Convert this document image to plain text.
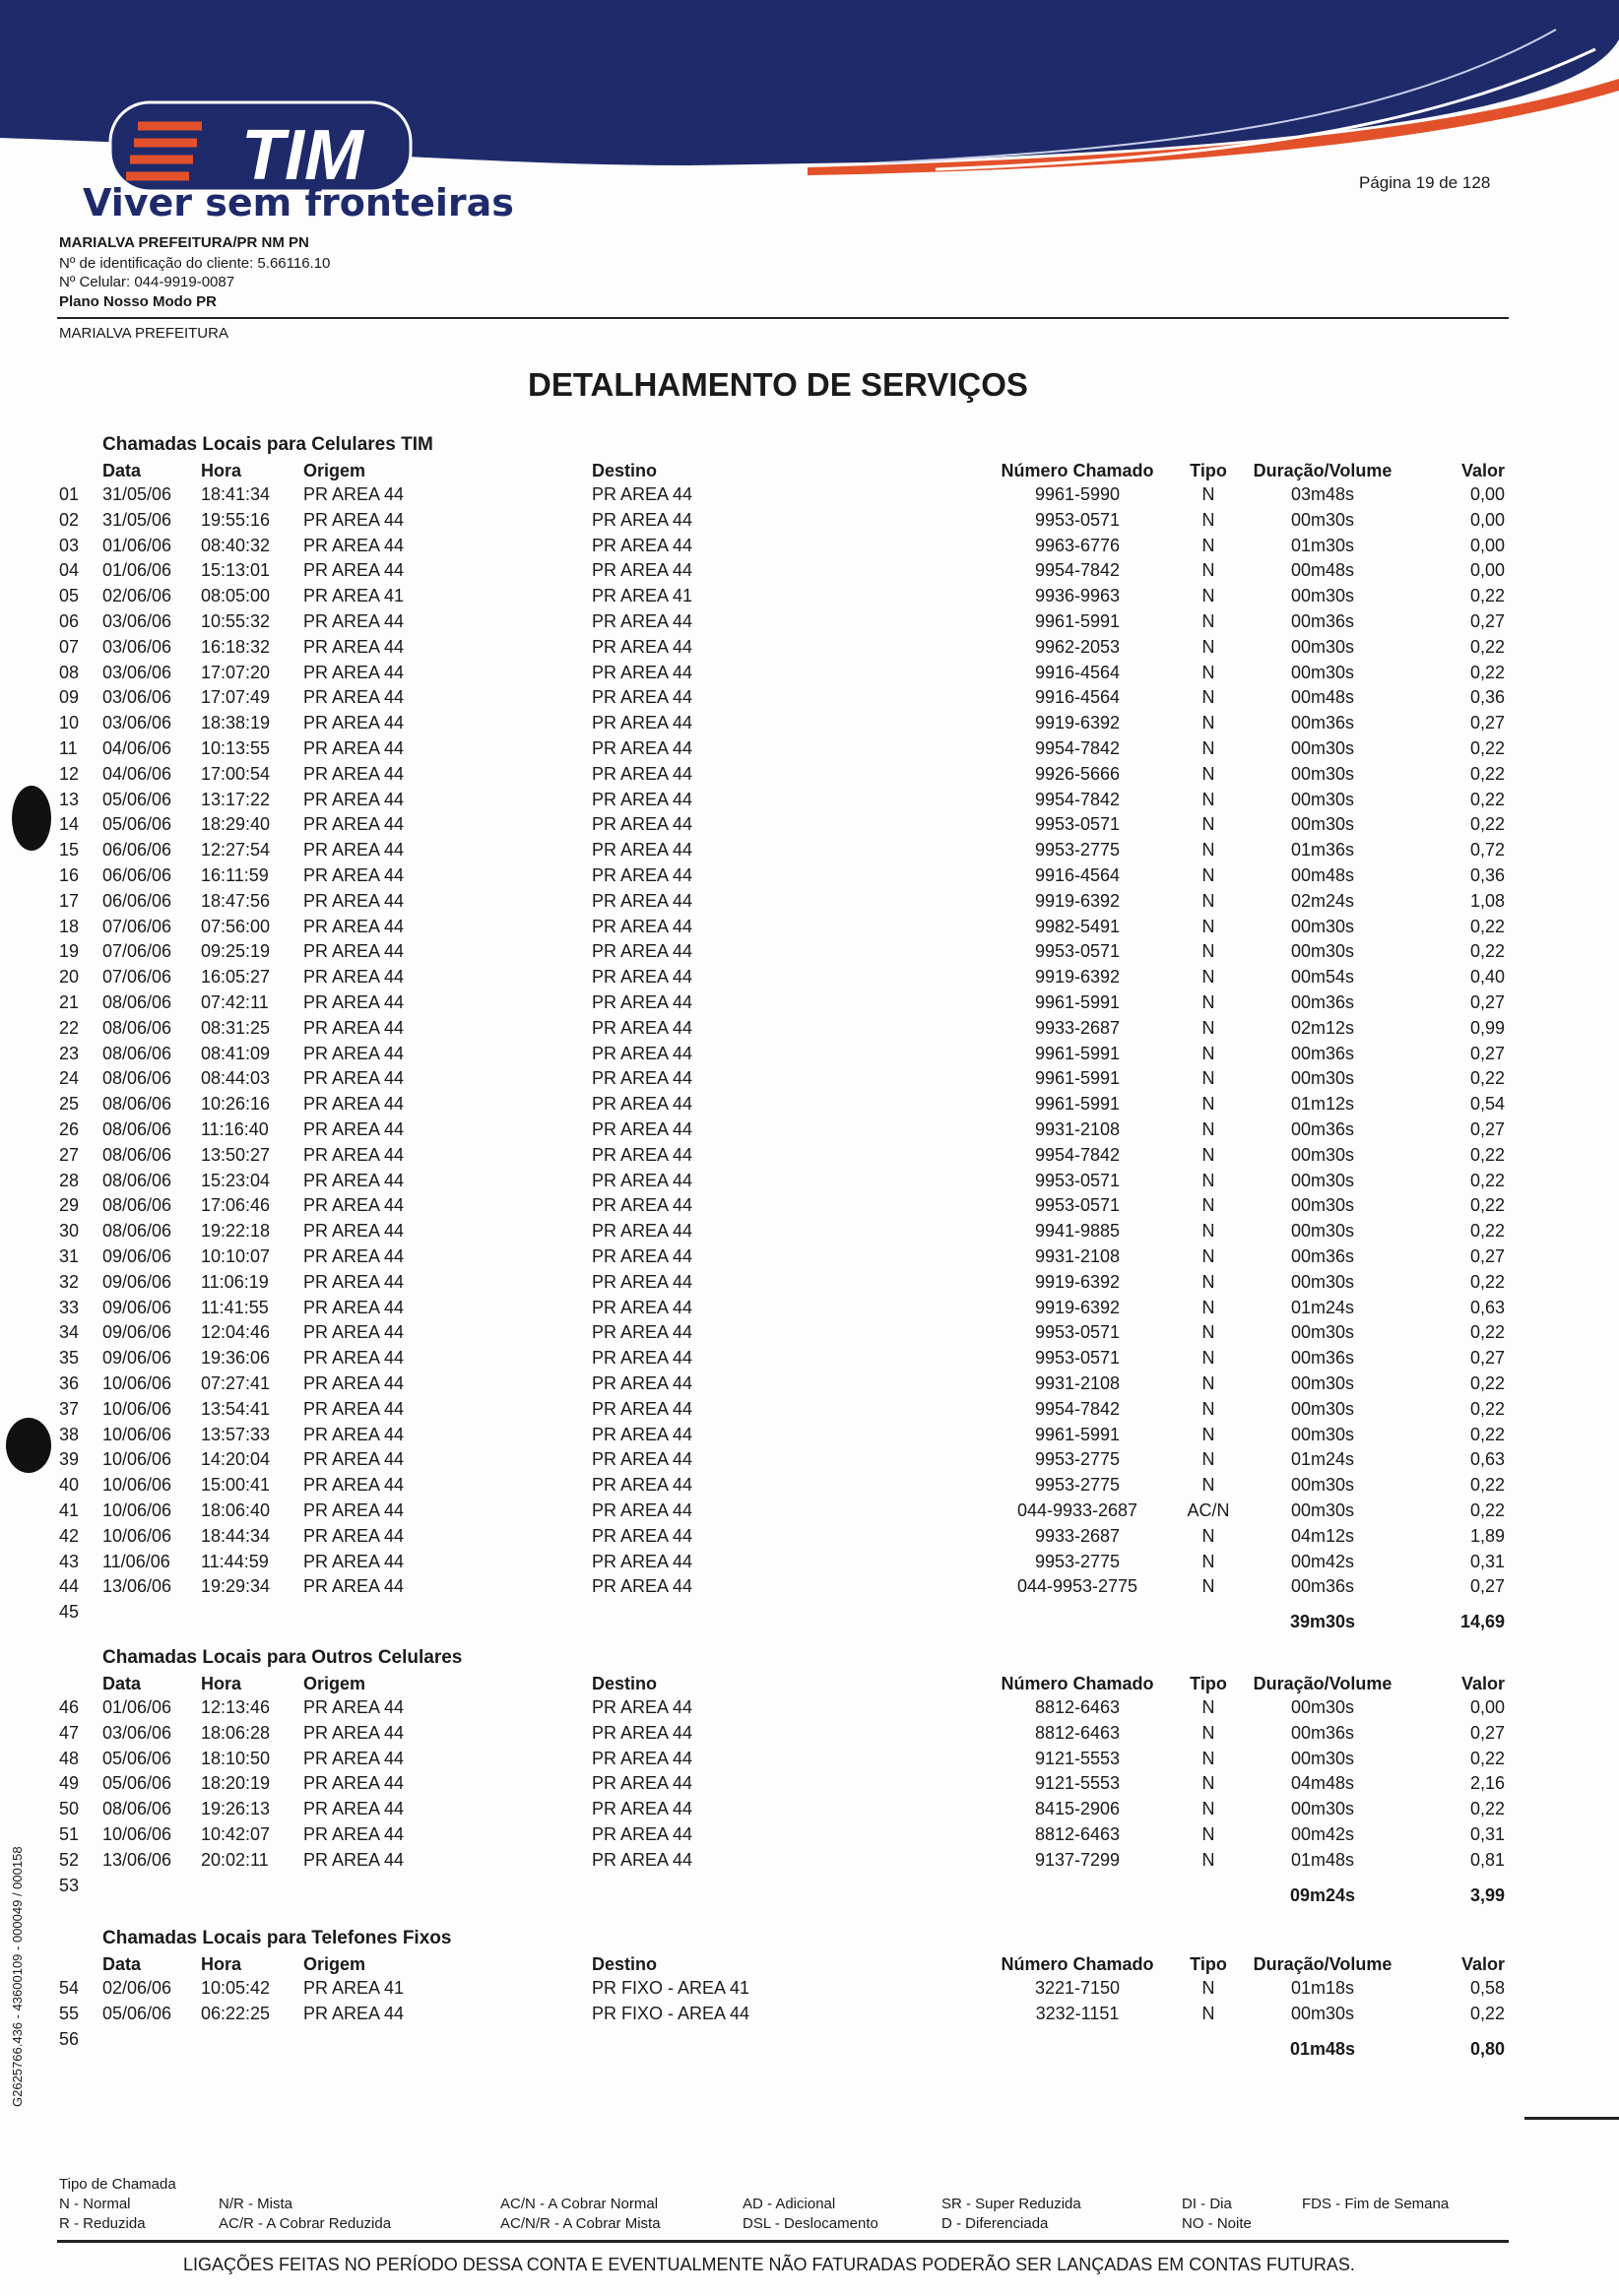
TIM	Página 19 de 128
Viver sem fronteiras
MARIALVA PREFEITURA/PR NM PN
Nº de identificação do cliente: 5.66116.10
Nº Celular: 044-9919-0087
Plano Nosso Modo PR
MARIALVA PREFEITURA
DETALHAMENTO DE SERVIÇOS
G2625766.436 - 43600109 - 000049 / 000158
Chamadas Locais para Celulares TIM
Data	Hora	Origem	Destino	Número Chamado	Tipo	Duração/Volume	Valor
01 31/05/06 18:41:34 PR AREA 44	PR AREA 44	9961-5990	N	03m48s	0,00
02 31/05/06 19:55:16 PR AREA 44	PR AREA 44	9953-0571	N	00m30s	0,00
03 01/06/06 08:40:32 PR AREA 44	PR AREA 44	9963-6776	N	01m30s	0,00
04 01/06/06 15:13:01 PR AREA 44	PR AREA 44	9954-7842	N	00m48s	0,00
05 02/06/06 08:05:00 PR AREA 41	PR AREA 41	9936-9963	N	00m30s	0,22
06 03/06/06 10:55:32 PR AREA 44	PR AREA 44	9961-5991	N	00m36s	0,27
07 03/06/06 16:18:32 PR AREA 44	PR AREA 44	9962-2053	N	00m30s	0,22
08 03/06/06 17:07:20 PR AREA 44	PR AREA 44	9916-4564	N	00m30s	0,22
09 03/06/06 17:07:49 PR AREA 44	PR AREA 44	9916-4564	N	00m48s	0,36
10 03/06/06 18:38:19 PR AREA 44	PR AREA 44	9919-6392	N	00m36s	0,27
11 04/06/06 10:13:55 PR AREA 44	PR AREA 44	9954-7842	N	00m30s	0,22
12 04/06/06 17:00:54 PR AREA 44	PR AREA 44	9926-5666	N	00m30s	0,22
13 05/06/06 13:17:22 PR AREA 44	PR AREA 44	9954-7842	N	00m30s	0,22
14 05/06/06 18:29:40 PR AREA 44	PR AREA 44	9953-0571	N	00m30s	0,22
15 06/06/06 12:27:54 PR AREA 44	PR AREA 44	9953-2775	N	01m36s	0,72
16 06/06/06 16:11:59 PR AREA 44	PR AREA 44	9916-4564	N	00m48s	0,36
17 06/06/06 18:47:56 PR AREA 44	PR AREA 44	9919-6392	N	02m24s	1,08
18 07/06/06 07:56:00 PR AREA 44	PR AREA 44	9982-5491	N	00m30s	0,22
19 07/06/06 09:25:19 PR AREA 44	PR AREA 44	9953-0571	N	00m30s	0,22
20 07/06/06 16:05:27 PR AREA 44	PR AREA 44	9919-6392	N	00m54s	0,40
21 08/06/06 07:42:11 PR AREA 44	PR AREA 44	9961-5991	N	00m36s	0,27
22 08/06/06 08:31:25 PR AREA 44	PR AREA 44	9933-2687	N	02m12s	0,99
23 08/06/06 08:41:09 PR AREA 44	PR AREA 44	9961-5991	N	00m36s	0,27
24 08/06/06 08:44:03 PR AREA 44	PR AREA 44	9961-5991	N	00m30s	0,22
25 08/06/06 10:26:16 PR AREA 44	PR AREA 44	9961-5991	N	01m12s	0,54
26 08/06/06 11:16:40 PR AREA 44	PR AREA 44	9931-2108	N	00m36s	0,27
27 08/06/06 13:50:27 PR AREA 44	PR AREA 44	9954-7842	N	00m30s	0,22
28 08/06/06 15:23:04 PR AREA 44	PR AREA 44	9953-0571	N	00m30s	0,22
29 08/06/06 17:06:46 PR AREA 44	PR AREA 44	9953-0571	N	00m30s	0,22
30 08/06/06 19:22:18 PR AREA 44	PR AREA 44	9941-9885	N	00m30s	0,22
31 09/06/06 10:10:07 PR AREA 44	PR AREA 44	9931-2108	N	00m36s	0,27
32 09/06/06 11:06:19 PR AREA 44	PR AREA 44	9919-6392	N	00m30s	0,22
33 09/06/06 11:41:55 PR AREA 44	PR AREA 44	9919-6392	N	01m24s	0,63
34 09/06/06 12:04:46 PR AREA 44	PR AREA 44	9953-0571	N	00m30s	0,22
35 09/06/06 19:36:06 PR AREA 44	PR AREA 44	9953-0571	N	00m36s	0,27
36 10/06/06 07:27:41 PR AREA 44	PR AREA 44	9931-2108	N	00m30s	0,22
37 10/06/06 13:54:41 PR AREA 44	PR AREA 44	9954-7842	N	00m30s	0,22
38 10/06/06 13:57:33 PR AREA 44	PR AREA 44	9961-5991	N	00m30s	0,22
39 10/06/06 14:20:04 PR AREA 44	PR AREA 44	9953-2775	N	01m24s	0,63
40 10/06/06 15:00:41 PR AREA 44	PR AREA 44	9953-2775	N	00m30s	0,22
41 10/06/06 18:06:40 PR AREA 44	PR AREA 44	044-9933-2687	AC/N	00m30s	0,22
42 10/06/06 18:44:34 PR AREA 44	PR AREA 44	9933-2687	N	04m12s	1,89
43 11/06/06 11:44:59 PR AREA 44	PR AREA 44	9953-2775	N	00m42s	0,31
44 13/06/06 19:29:34 PR AREA 44	PR AREA 44	044-9953-2775	N	00m36s	0,27
45	39m30s	14,69
Chamadas Locais para Outros Celulares
Data	Hora	Origem	Destino	Número Chamado	Tipo	Duração/Volume	Valor
46 01/06/06 12:13:46 PR AREA 44	PR AREA 44	8812-6463	N	00m30s	0,00
47 03/06/06 18:06:28 PR AREA 44	PR AREA 44	8812-6463	N	00m36s	0,27
48 05/06/06 18:10:50 PR AREA 44	PR AREA 44	9121-5553	N	00m30s	0,22
49 05/06/06 18:20:19 PR AREA 44	PR AREA 44	9121-5553	N	04m48s	2,16
50 08/06/06 19:26:13 PR AREA 44	PR AREA 44	8415-2906	N	00m30s	0,22
51 10/06/06 10:42:07 PR AREA 44	PR AREA 44	8812-6463	N	00m42s	0,31
52 13/06/06 20:02:11 PR AREA 44	PR AREA 44	9137-7299	N	01m48s	0,81
53	09m24s	3,99
Chamadas Locais para Telefones Fixos
Data	Hora	Origem	Destino	Número Chamado	Tipo	Duração/Volume	Valor
54 02/06/06 10:05:42 PR AREA 41	PR FIXO - AREA 41	3221-7150	N	01m18s	0,58
55 05/06/06 06:22:25 PR AREA 44	PR FIXO - AREA 44	3232-1151	N	00m30s	0,22
56	01m48s	0,80
Tipo de Chamada
N - Normal
R - Reduzida
N/R - Mista
AC/R - A Cobrar Reduzida
AC/N - A Cobrar Normal
AC/N/R - A Cobrar Mista
AD - Adicional
DSL - Deslocamento
SR - Super Reduzida
D - Diferenciada
DI - Dia
NO - Noite
FDS - Fim de Semana
LIGAÇÕES FEITAS NO PERÍODO DESSA CONTA E EVENTUALMENTE NÃO FATURADAS PODERÃO SER LANÇADAS EM CONTAS FUTURAS.
